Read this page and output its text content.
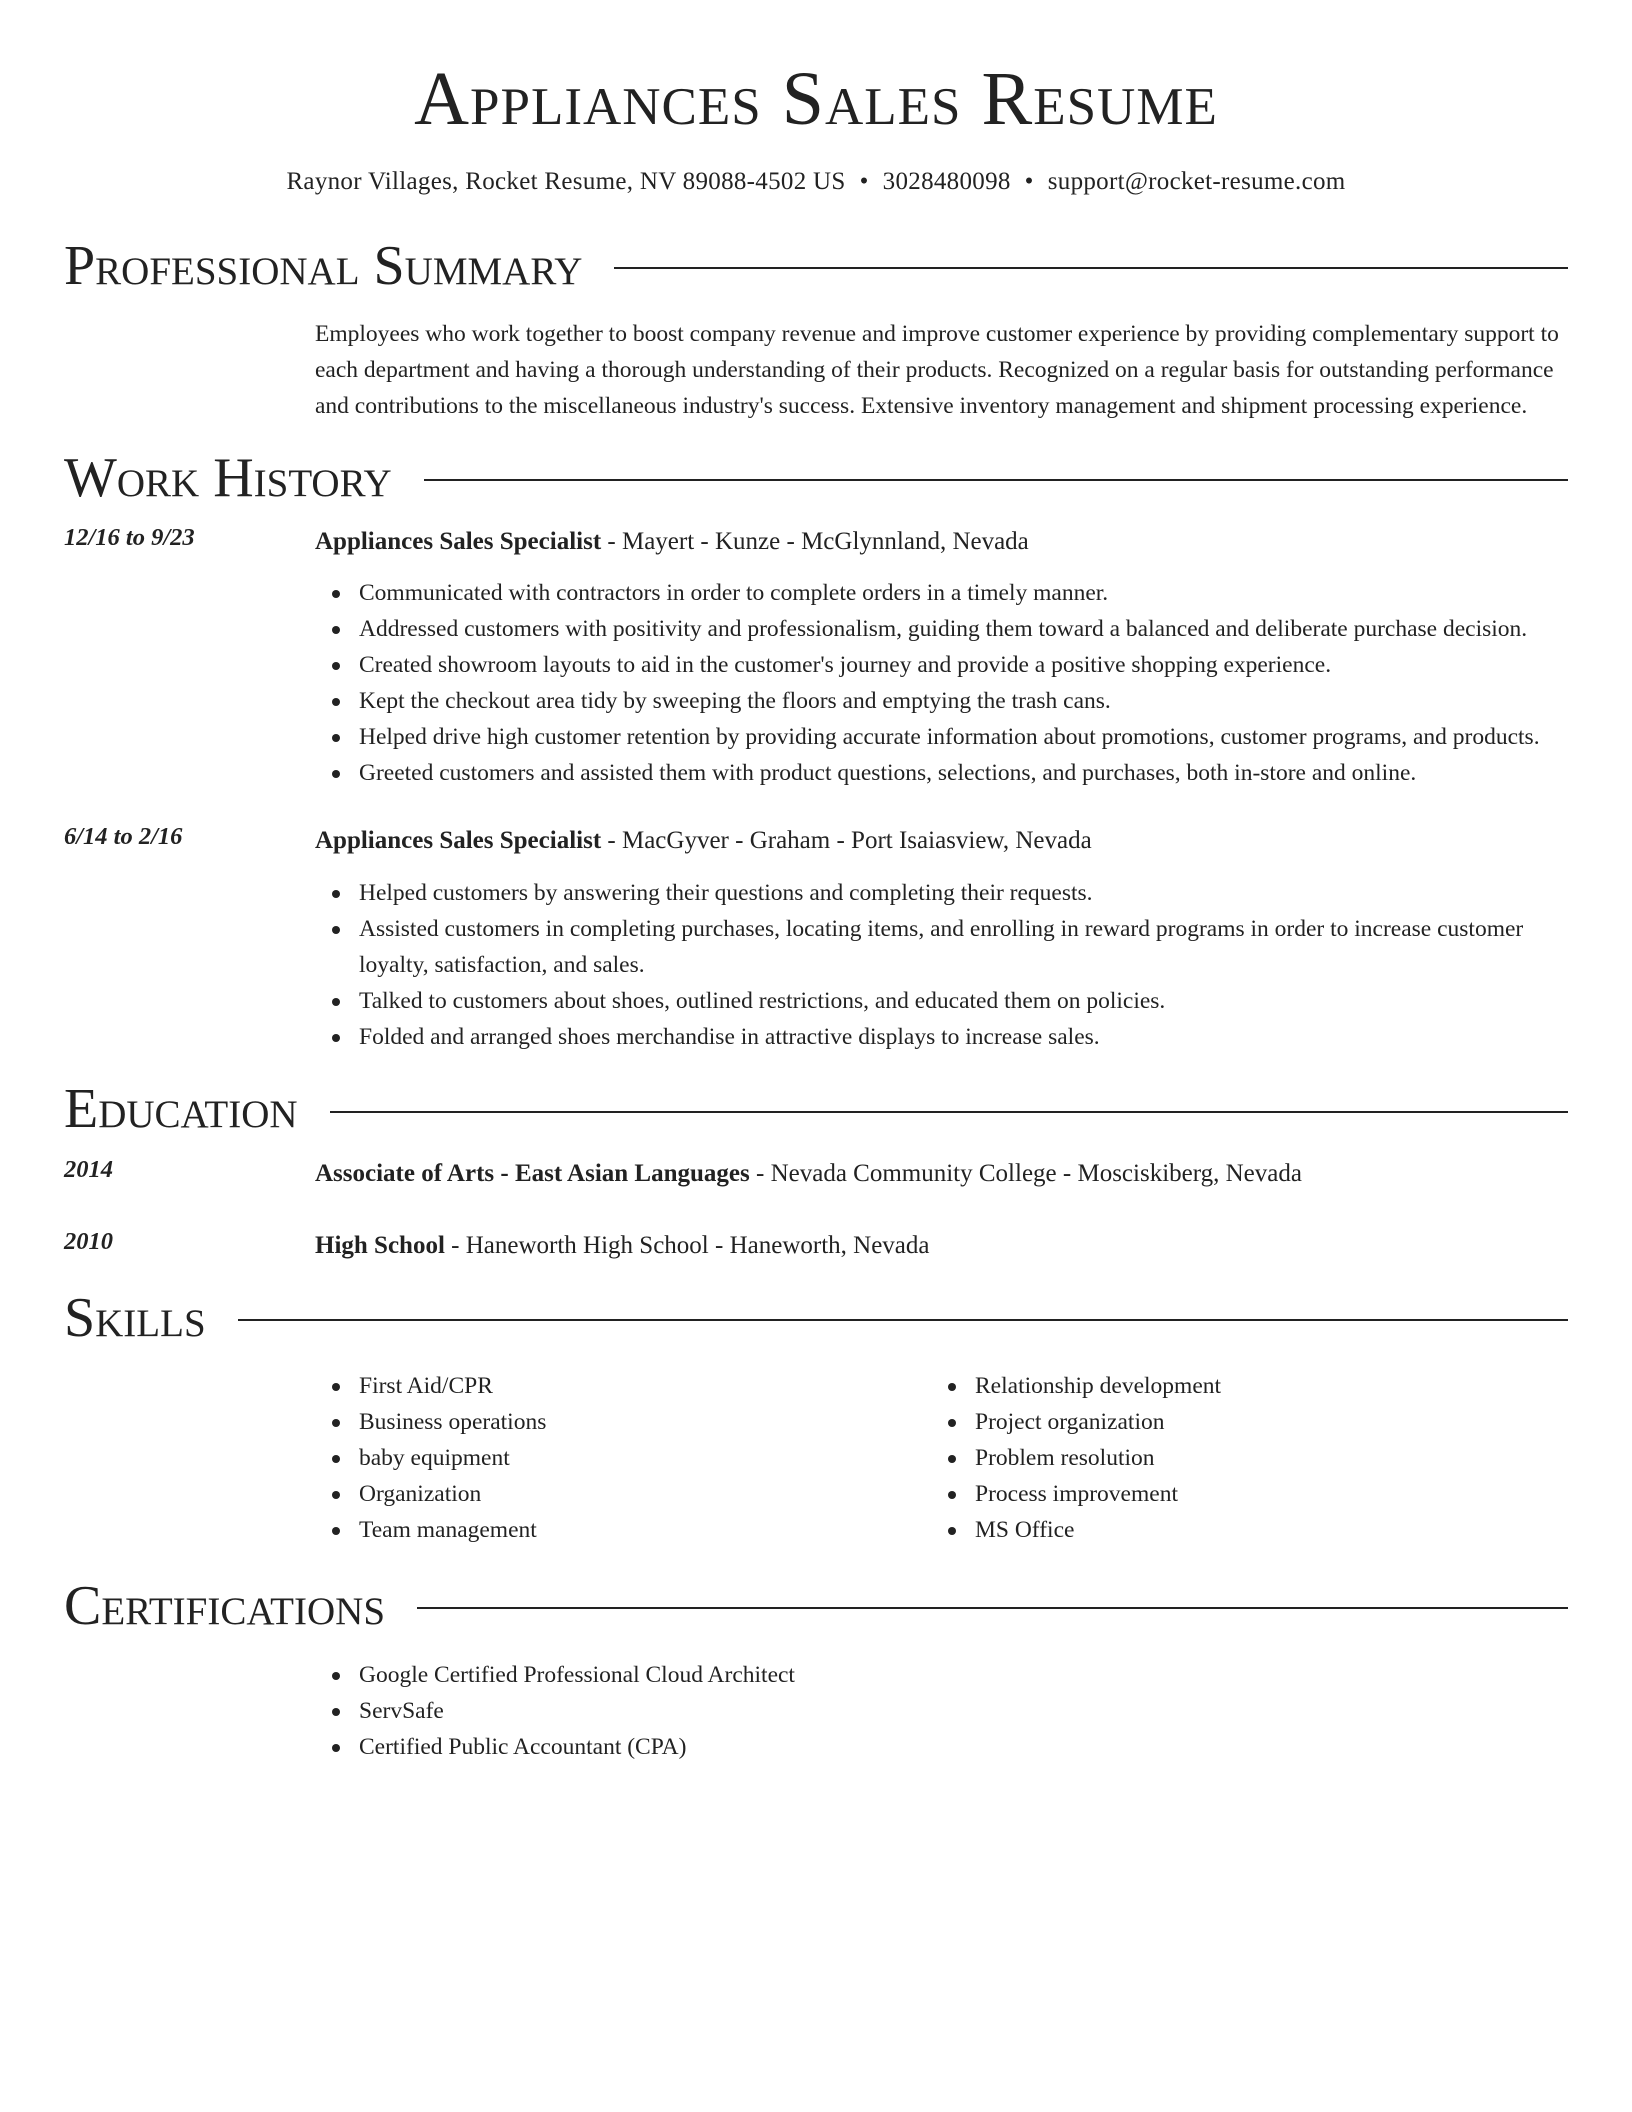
Appliances Sales Resume
Raynor Villages, Rocket Resume, NV 89088-4502 US • 3028480098 • support@rocket-resume.com
Professional Summary

Employees who work together to boost company revenue and improve customer experience by providing complementary support to each department and having a thorough understanding of their products. Recognized on a regular basis for outstanding performance and contributions to the miscellaneous industry's success. Extensive inventory management and shipment processing experience.

Work History
12/16 to 9/23	Appliances Sales Specialist - Mayert - Kunze - McGlynnland, Nevada
Communicated with contractors in order to complete orders in a timely manner.
Addressed customers with positivity and professionalism, guiding them toward a balanced and deliberate purchase decision.
Created showroom layouts to aid in the customer's journey and provide a positive shopping experience.
Kept the checkout area tidy by sweeping the floors and emptying the trash cans.
Helped drive high customer retention by providing accurate information about promotions, customer programs, and products.
Greeted customers and assisted them with product questions, selections, and purchases, both in-store and online.
6/14 to 2/16	Appliances Sales Specialist - MacGyver - Graham - Port Isaiasview, Nevada
Helped customers by answering their questions and completing their requests.
Assisted customers in completing purchases, locating items, and enrolling in reward programs in order to increase customer loyalty, satisfaction, and sales.
Talked to customers about shoes, outlined restrictions, and educated them on policies.
Folded and arranged shoes merchandise in attractive displays to increase sales.
Education
2014	Associate of Arts - East Asian Languages - Nevada Community College - Mosciskiberg, Nevada
2010	High School - Haneworth High School - Haneworth, Nevada
Skills
First Aid/CPR
Business operations
baby equipment
Organization
Team management
Relationship development
Project organization
Problem resolution
Process improvement
MS Office
Certifications
Google Certified Professional Cloud Architect
ServSafe
Certified Public Accountant (CPA)
